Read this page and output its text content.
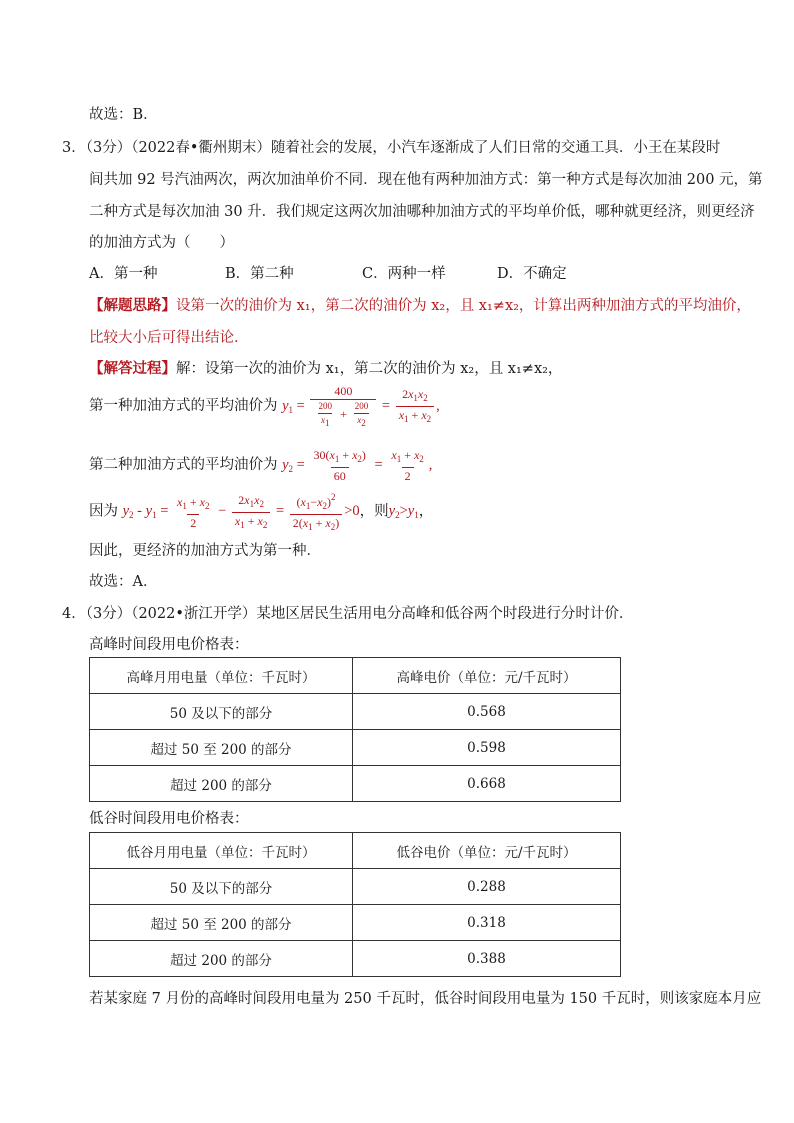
故选：B．
3．（3分）（2022春•衢州期末）随着社会的发展，小汽车逐渐成了人们日常的交通工具．小王在某段时
间共加 92 号汽油两次，两次加油单价不同．现在他有两种加油方式：第一种方式是每次加油 200 元，第
二种方式是每次加油 30 升．我们规定这两次加油哪种加油方式的平均单价低，哪种就更经济，则更经济
的加油方式为（　　）
A．第一种	B．第二种	C．两种一样	D．不确定
【解题思路】设第一次的油价为 x₁，第二次的油价为 x₂，且 x₁≠x₂，计算出两种加油方式的平均油价，
比较大小后可得出结论．
【解答过程】解：设第一次的油价为 x₁，第二次的油价为 x₂，且 x₁≠x₂，
第一种加油方式的平均油价为 $y_1 = \frac{400}{\frac{200}{x1} + \frac{200}{x2}} = \frac{2x_1x_2}{x_1 + x_2}$ ,
第二种加油方式的平均油价为 $y_2 = \frac{30(x_1 + x_2)}{60} = \frac{x_1 + x_2}{2}$ ,
因为 $y_2 - y_1 = \frac{x_1 + x_2}{2} - \frac{2x_1x_2}{x_1 + x_2} = \frac{(x_1-x_2)^2}{2(x_1 + x_2)} >0$，则$y_2>y_1$，
因此，更经济的加油方式为第一种．
故选：A．
4．（3分）（2022•浙江开学）某地区居民生活用电分高峰和低谷两个时段进行分时计价．
高峰时间段用电价格表：
高峰月用电量（单位：千瓦时）	高峰电价（单位：元/千瓦时）
50 及以下的部分	0.568
超过 50 至 200 的部分	0.598
超过 200 的部分	0.668
低谷时间段用电价格表：
低谷月用电量（单位：千瓦时）	低谷电价（单位：元/千瓦时）
50 及以下的部分	0.288
超过 50 至 200 的部分	0.318
超过 200 的部分	0.388
若某家庭 7 月份的高峰时间段用电量为 250 千瓦时，低谷时间段用电量为 150 千瓦时，则该家庭本月应
